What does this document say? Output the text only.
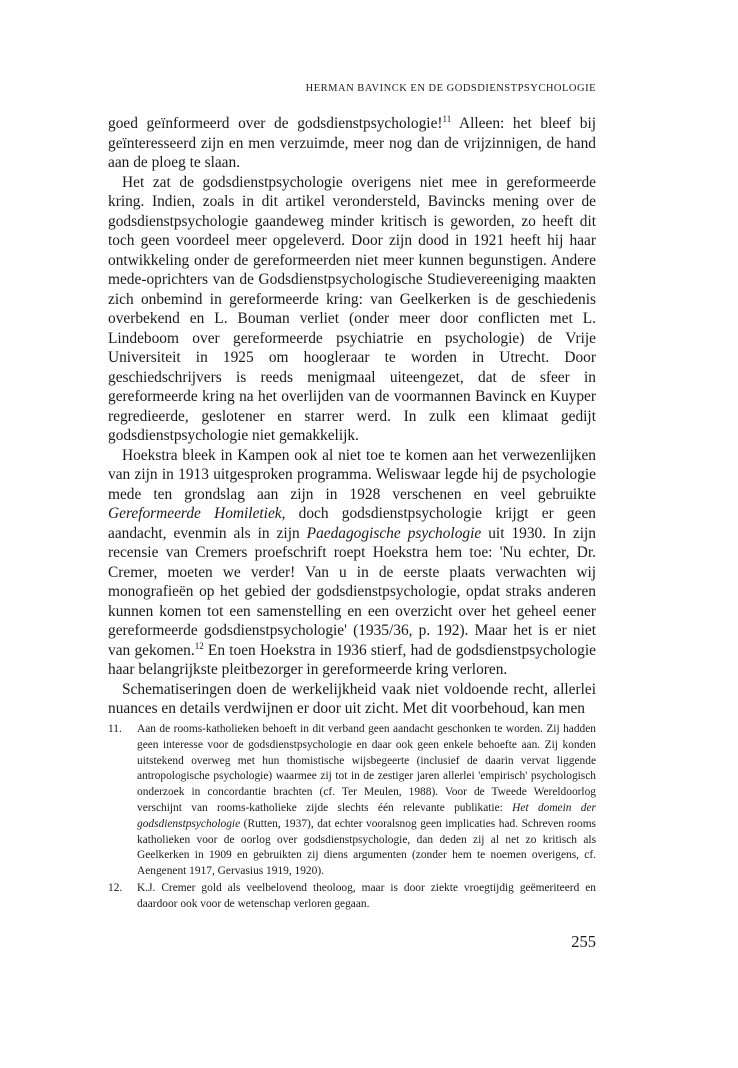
HERMAN BAVINCK EN DE GODSDIENSTPSYCHOLOGIE

goed geïnformeerd over de godsdienstpsychologie!$^{11}$ Alleen: het bleef bij geïnteresseerd zijn en men verzuimde, meer nog dan de vrijzinnigen, de hand aan de ploeg te slaan.

Het zat de godsdienstpsychologie overigens niet mee in gereformeerde kring. Indien, zoals in dit artikel verondersteld, Bavincks mening over de godsdienstpsychologie gaandeweg minder kritisch is geworden, zo heeft dit toch geen voordeel meer opgeleverd. Door zijn dood in 1921 heeft hij haar ontwikkeling onder de gereformeerden niet meer kunnen begunstigen. Andere mede-oprichters van de Godsdienstpsychologische Studievereeniging maakten zich onbemind in gereformeerde kring: van Geelkerken is de geschiedenis overbekend en L. Bouman verliet (onder meer door conflicten met L. Lindeboom over gereformeerde psychiatrie en psychologie) de Vrije Universiteit in 1925 om hoogleraar te worden in Utrecht. Door geschiedschrijvers is reeds menigmaal uiteengezet, dat de sfeer in gereformeerde kring na het overlijden van de voormannen Bavinck en Kuyper regredieerde, geslotener en starrer werd. In zulk een klimaat gedijt godsdienstpsychologie niet gemakkelijk.

Hoekstra bleek in Kampen ook al niet toe te komen aan het verwezenlijken van zijn in 1913 uitgesproken programma. Weliswaar legde hij de psychologie mede ten grondslag aan zijn in 1928 verschenen en veel gebruikte Gereformeerde Homiletiek, doch godsdienstpsychologie krijgt er geen aandacht, evenmin als in zijn Paedagogische psychologie uit 1930. In zijn recensie van Cremers proefschrift roept Hoekstra hem toe: 'Nu echter, Dr. Cremer, moeten we verder! Van u in de eerste plaats verwachten wij monografieën op het gebied der godsdienstpsychologie, opdat straks anderen kunnen komen tot een samenstelling en een overzicht over het geheel eener gereformeerde godsdienstpsychologie' (1935/36, p. 192). Maar het is er niet van gekomen.$^{12}$ En toen Hoekstra in 1936 stierf, had de godsdienstpsychologie haar belangrijkste pleitbezorger in gereformeerde kring verloren.

Schematiseringen doen de werkelijkheid vaak niet voldoende recht, allerlei nuances en details verdwijnen er door uit zicht. Met dit voorbehoud, kan men

11.	Aan de rooms-katholieken behoeft in dit verband geen aandacht geschonken te worden. Zij hadden geen interesse voor de godsdienstpsychologie en daar ook geen enkele behoefte aan. Zij konden uitstekend overweg met hun thomistische wijsbegeerte (inclusief de daarin vervat liggende antropologische psychologie) waarmee zij tot in de zestiger jaren allerlei 'empirisch' psychologisch onderzoek in concordantie brachten (cf. Ter Meulen, 1988). Voor de Tweede Wereldoorlog verschijnt van rooms-katholieke zijde slechts één relevante publikatie: Het domein der godsdienstpsychologie (Rutten, 1937), dat echter vooralsnog geen implicaties had. Schreven rooms katholieken voor de oorlog over godsdienstpsychologie, dan deden zij al net zo kritisch als Geelkerken in 1909 en gebruikten zij diens argumenten (zonder hem te noemen overigens, cf. Aengenent 1917, Gervasius 1919, 1920).
12.	K.J. Cremer gold als veelbelovend theoloog, maar is door ziekte vroegtijdig geëmeriteerd en daardoor ook voor de wetenschap verloren gegaan.
255
